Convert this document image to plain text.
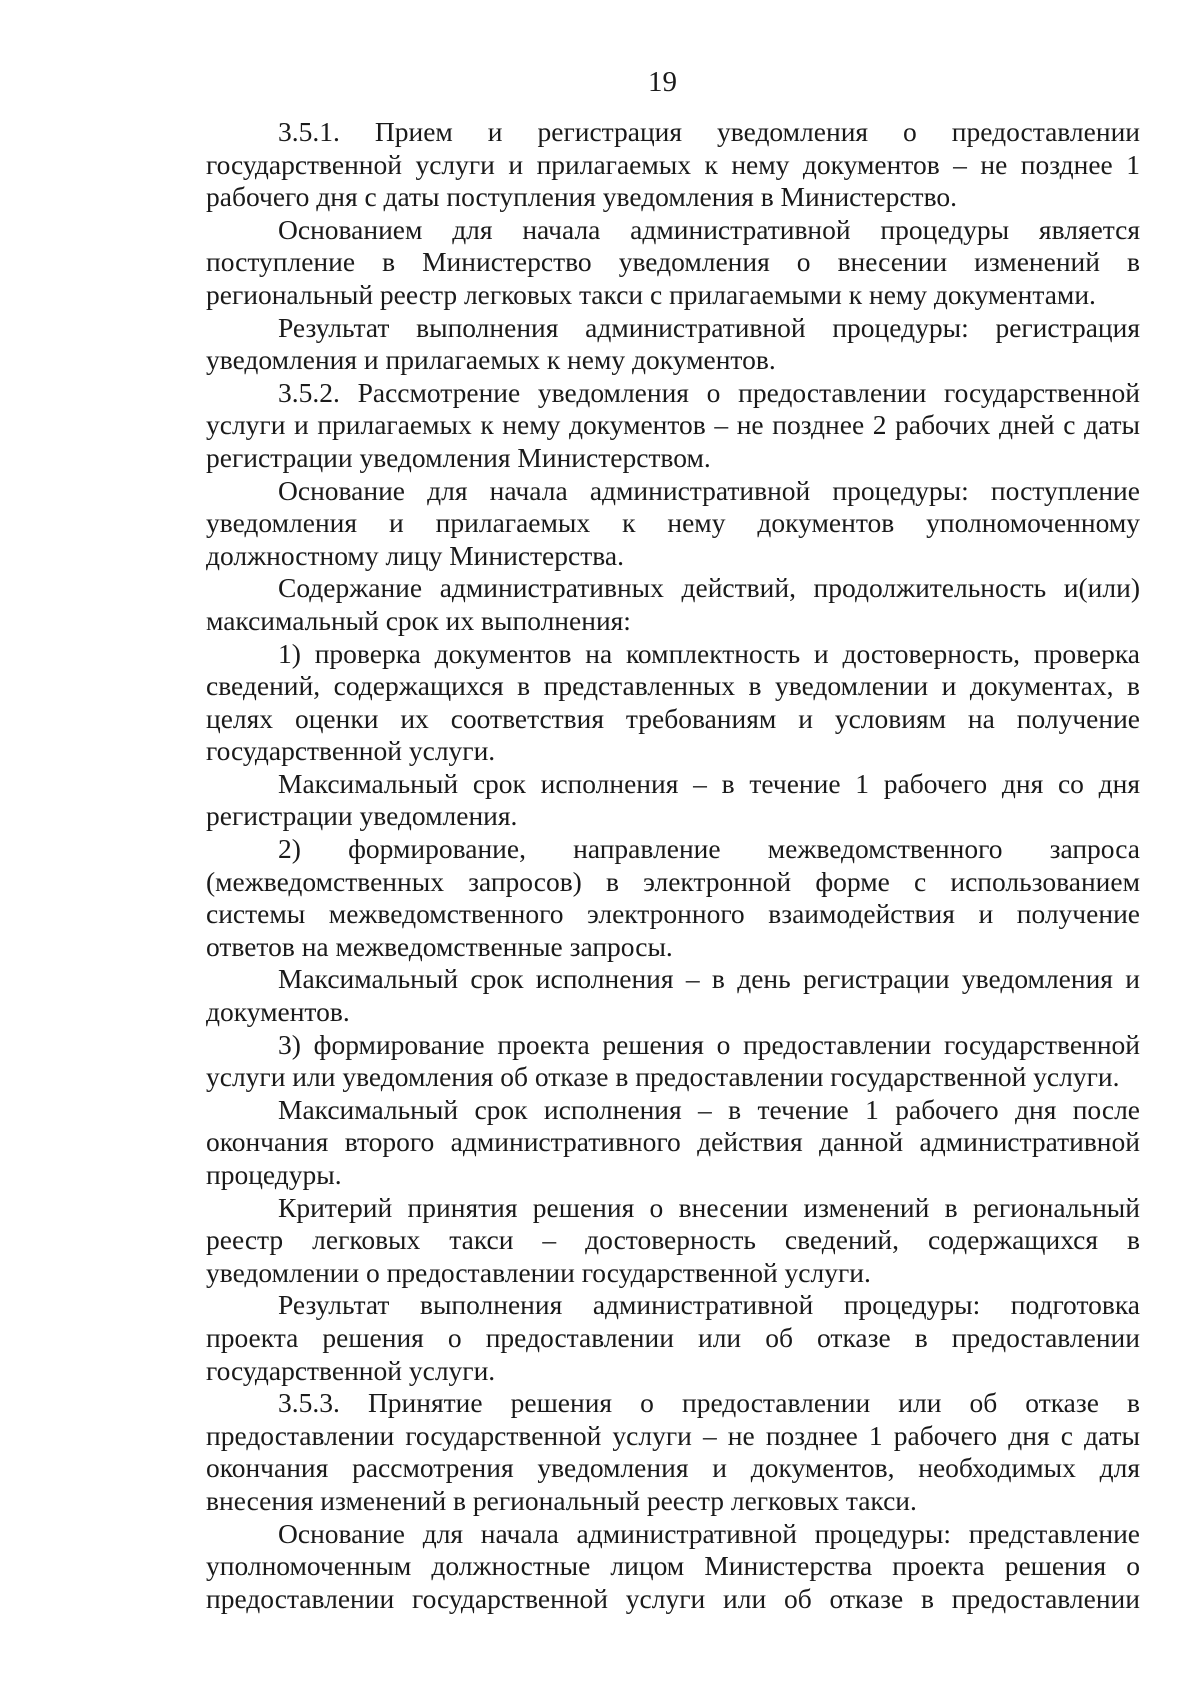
19

3.5.1. Прием и регистрация уведомления о предоставлении государственной услуги и прилагаемых к нему документов – не позднее 1 рабочего дня с даты поступления уведомления в Министерство.

Основанием для начала административной процедуры является поступление в Министерство уведомления о внесении изменений в региональный реестр легковых такси с прилагаемыми к нему документами.

Результат выполнения административной процедуры: регистрация уведомления и прилагаемых к нему документов.

3.5.2. Рассмотрение уведомления о предоставлении государственной услуги и прилагаемых к нему документов – не позднее 2 рабочих дней с даты регистрации уведомления Министерством.

Основание для начала административной процедуры: поступление уведомления и прилагаемых к нему документов уполномоченному должностному лицу Министерства.

Содержание административных действий, продолжительность и(или) максимальный срок их выполнения:

1) проверка документов на комплектность и достоверность, проверка сведений, содержащихся в представленных в уведомлении и документах, в целях оценки их соответствия требованиям и условиям на получение государственной услуги.

Максимальный срок исполнения – в течение 1 рабочего дня со дня регистрации уведомления.

2) формирование, направление межведомственного запроса (межведомственных запросов) в электронной форме с использованием системы межведомственного электронного взаимодействия и получение ответов на межведомственные запросы.

Максимальный срок исполнения – в день регистрации уведомления и документов.

3) формирование проекта решения о предоставлении государственной услуги или уведомления об отказе в предоставлении государственной услуги.

Максимальный срок исполнения – в течение 1 рабочего дня после окончания второго административного действия данной административной процедуры.

Критерий принятия решения о внесении изменений в региональный реестр легковых такси – достоверность сведений, содержащихся в уведомлении о предоставлении государственной услуги.

Результат выполнения административной процедуры: подготовка проекта решения о предоставлении или об отказе в предоставлении государственной услуги.

3.5.3. Принятие решения о предоставлении или об отказе в предоставлении государственной услуги – не позднее 1 рабочего дня с даты окончания рассмотрения уведомления и документов, необходимых для внесения изменений в региональный реестр легковых такси.

Основание для начала административной процедуры: представление уполномоченным должностные лицом Министерства проекта решения о предоставлении государственной услуги или об отказе в предоставлении
